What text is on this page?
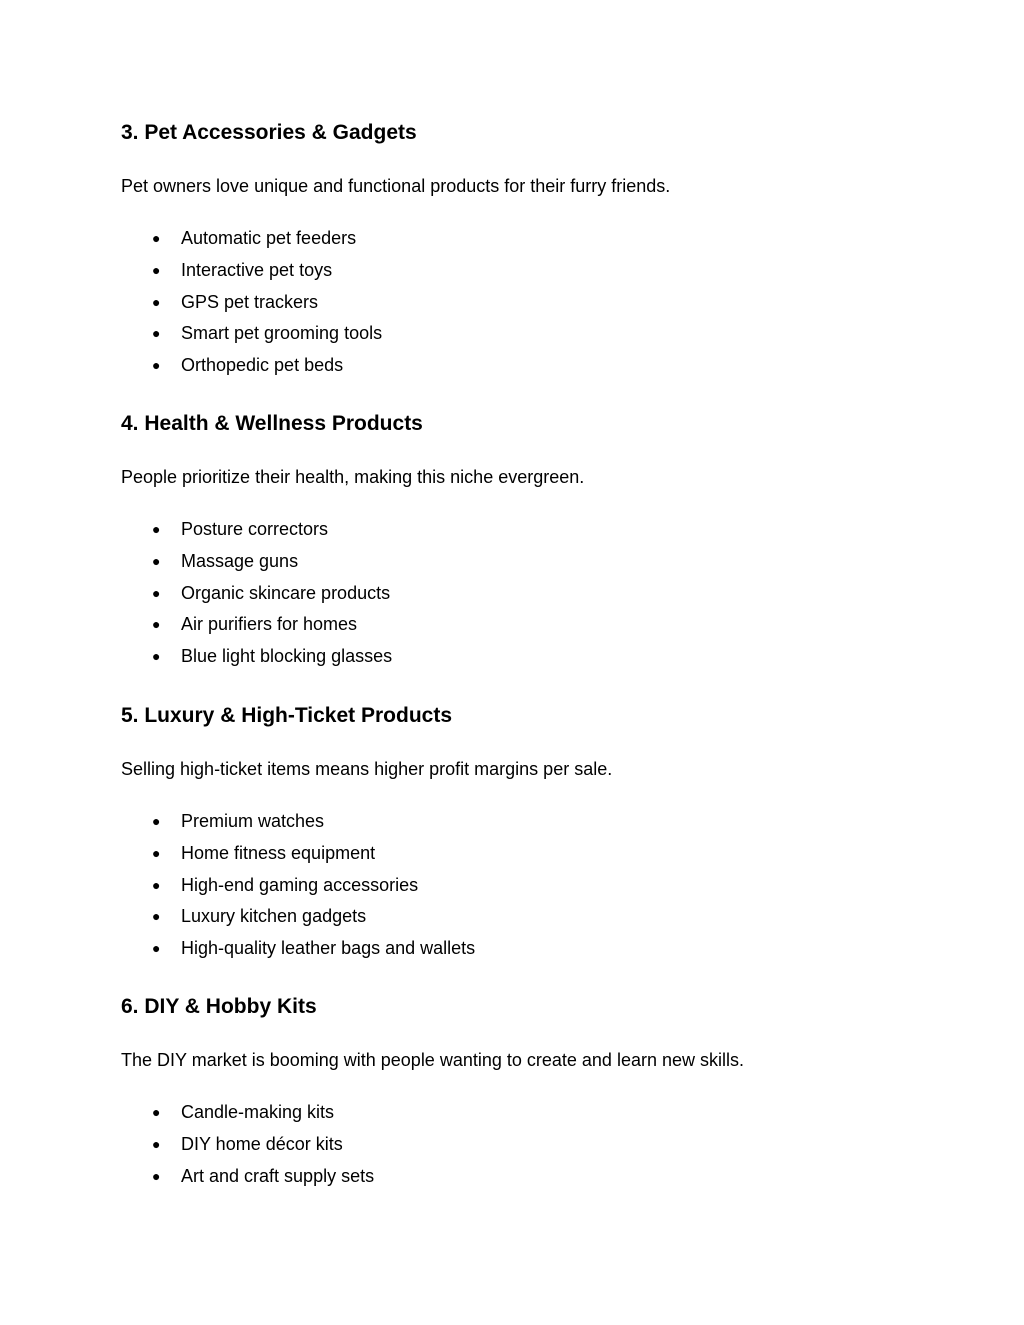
3. Pet Accessories & Gadgets

Pet owners love unique and functional products for their furry friends.

● Automatic pet feeders
● Interactive pet toys
● GPS pet trackers
● Smart pet grooming tools
● Orthopedic pet beds
4. Health & Wellness Products

People prioritize their health, making this niche evergreen.

● Posture correctors
● Massage guns
● Organic skincare products
● Air purifiers for homes
● Blue light blocking glasses
5. Luxury & High-Ticket Products

Selling high-ticket items means higher profit margins per sale.

● Premium watches
● Home fitness equipment
● High-end gaming accessories
● Luxury kitchen gadgets
● High-quality leather bags and wallets
6. DIY & Hobby Kits

The DIY market is booming with people wanting to create and learn new skills.

● Candle-making kits
● DIY home décor kits
● Art and craft supply sets
